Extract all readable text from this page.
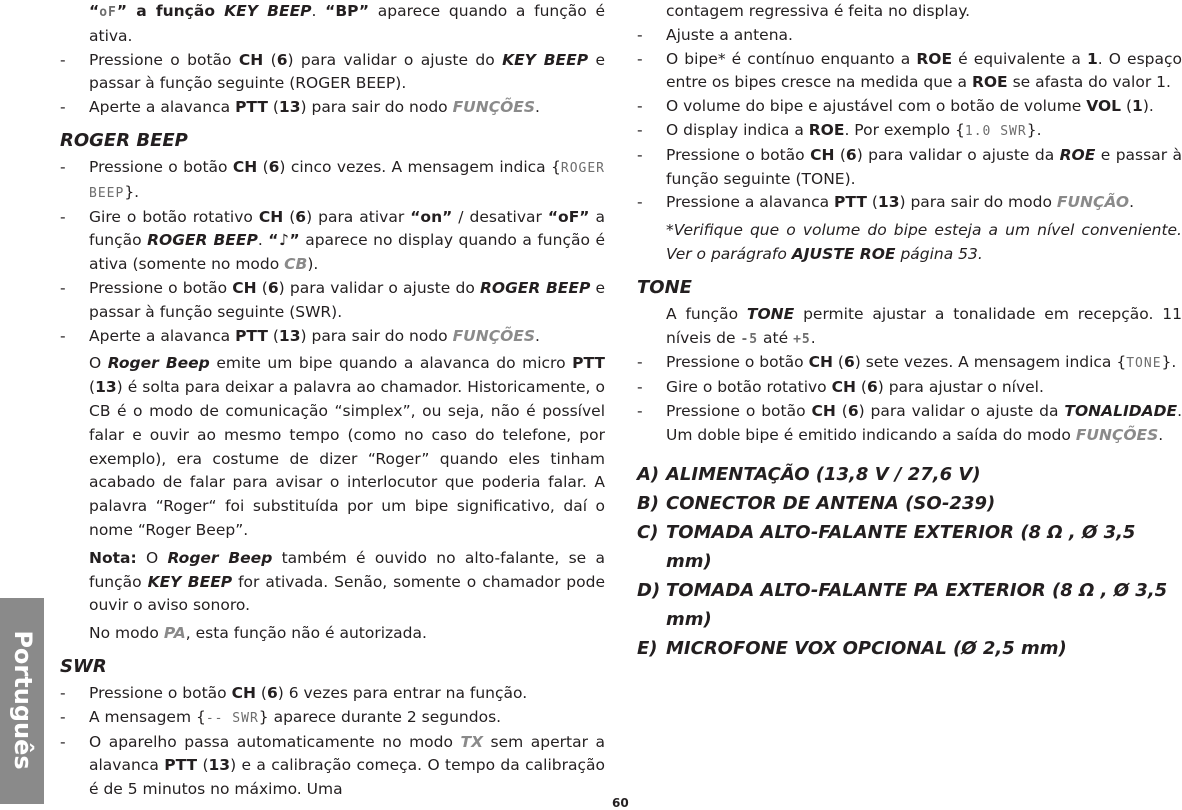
Português
“oF” a função KEY BEEP. “BP” aparece quando a função é ativa.
- Pressione o botão CH (6) para validar o ajuste do KEY BEEP e passar à função seguinte (ROGER BEEP).
- Aperte a alavanca PTT (13) para sair do nodo FUNÇÕES.
ROGER BEEP
- Pressione o botão CH (6) cinco vezes. A mensagem indica {ROGER BEEP}.
- Gire o botão rotativo CH (6) para ativar “on” / desativar “oF” a função ROGER BEEP. “♪” aparece no display quando a função é ativa (somente no modo CB).
- Pressione o botão CH (6) para validar o ajuste do ROGER BEEP e passar à função seguinte (SWR).
- Aperte a alavanca PTT (13) para sair do nodo FUNÇÕES.
O Roger Beep emite um bipe quando a alavanca do micro PTT (13) é solta para deixar a palavra ao chamador. Historicamente, o CB é o modo de comunicação “simplex”, ou seja, não é possível falar e ouvir ao mesmo tempo (como no caso do telefone, por exemplo), era costume de dizer “Roger” quando eles tinham acabado de falar para avisar o interlocutor que poderia falar. A palavra “Roger“ foi substituída por um bipe significativo, daí o nome “Roger Beep”.
Nota: O Roger Beep também é ouvido no alto-falante, se a função KEY BEEP for ativada. Senão, somente o chamador pode ouvir o aviso sonoro.
No modo PA, esta função não é autorizada.
SWR
- Pressione o botão CH (6) 6 vezes para entrar na função.
- A mensagem {-- SWR} aparece durante 2 segundos.
- O aparelho passa automaticamente no modo TX sem apertar a alavanca PTT (13) e a calibração começa. O tempo da calibração é de 5 minutos no máximo. Uma
contagem regressiva é feita no display.
- Ajuste a antena.
- O bipe* é contínuo enquanto a ROE é equivalente a 1. O espaço entre os bipes cresce na medida que a ROE se afasta do valor 1.
- O volume do bipe e ajustável com o botão de volume VOL (1).
- O display indica a ROE. Por exemplo {1.0 SWR}.
- Pressione o botão CH (6) para validar o ajuste da ROE e passar à função seguinte (TONE).
- Pressione a alavanca PTT (13) para sair do modo FUNÇÃO.
*Verifique que o volume do bipe esteja a um nível conveniente. Ver o parágrafo AJUSTE ROE página 53.
TONE
A função TONE permite ajustar a tonalidade em recepção. 11 níveis de -5 até +5.
- Pressione o botão CH (6) sete vezes. A mensagem indica {TONE}.
- Gire o botão rotativo CH (6) para ajustar o nível.
- Pressione o botão CH (6) para validar o ajuste da TONALIDADE. Um doble bipe é emitido indicando a saída do modo FUNÇÕES.
A) ALIMENTAÇÃO (13,8 V / 27,6 V)
B) CONECTOR DE ANTENA (SO-239)
C) TOMADA ALTO-FALANTE EXTERIOR (8 Ω , Ø 3,5 mm)
D) TOMADA ALTO-FALANTE PA EXTERIOR (8 Ω , Ø 3,5 mm)
E) MICROFONE VOX OPCIONAL (Ø 2,5 mm)
60
